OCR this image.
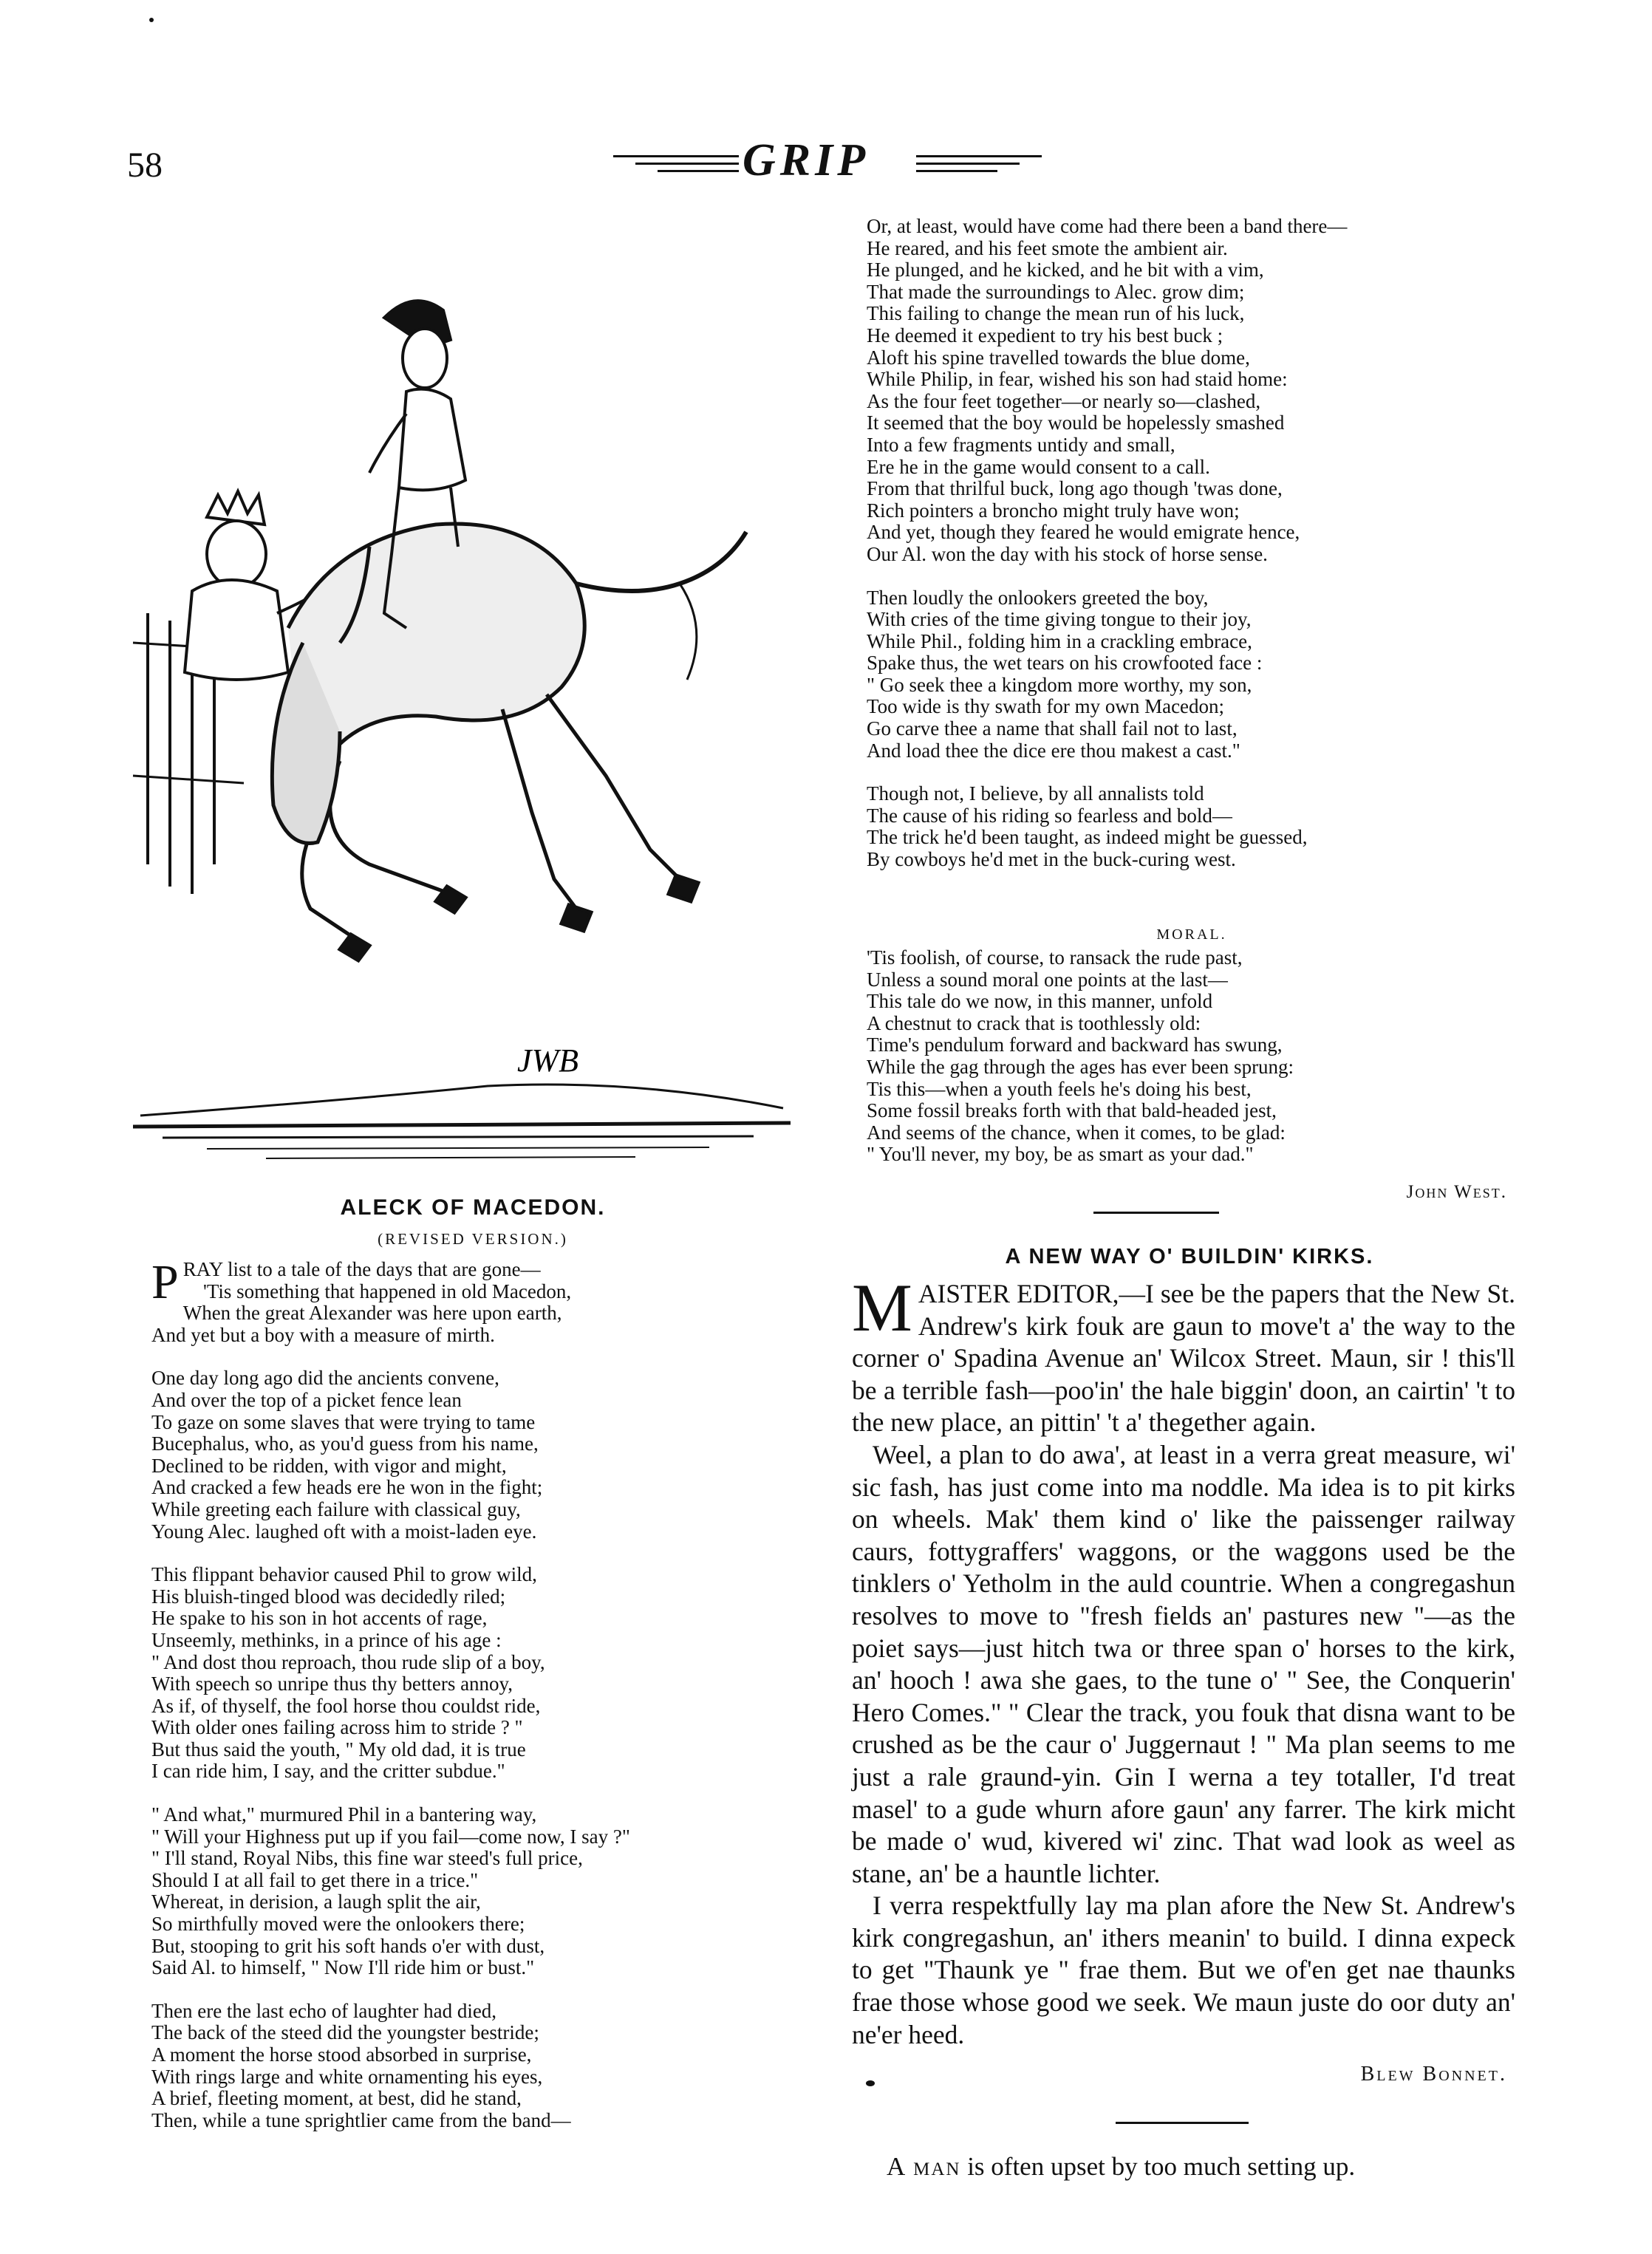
58	GRIP
JWB
ALECK OF MACEDON.
(REVISED VERSION.)
P RAY list to a tale of the days that are gone—
'Tis something that happened in old Macedon,
When the great Alexander was here upon earth,
And yet but a boy with a measure of mirth.
One day long ago did the ancients convene,
And over the top of a picket fence lean
To gaze on some slaves that were trying to tame
Bucephalus, who, as you'd guess from his name,
Declined to be ridden, with vigor and might,
And cracked a few heads ere he won in the fight;
While greeting each failure with classical guy,
Young Alec. laughed oft with a moist-laden eye.
This flippant behavior caused Phil to grow wild,
His bluish-tinged blood was decidedly riled;
He spake to his son in hot accents of rage,
Unseemly, methinks, in a prince of his age :
" And dost thou reproach, thou rude slip of a boy,
With speech so unripe thus thy betters annoy,
As if, of thyself, the fool horse thou couldst ride,
With older ones failing across him to stride ? "
But thus said the youth, " My old dad, it is true
I can ride him, I say, and the critter subdue."
" And what," murmured Phil in a bantering way,
" Will your Highness put up if you fail—come now, I say ?"
" I'll stand, Royal Nibs, this fine war steed's full price,
Should I at all fail to get there in a trice."
Whereat, in derision, a laugh split the air,
So mirthfully moved were the onlookers there;
But, stooping to grit his soft hands o'er with dust,
Said Al. to himself, " Now I'll ride him or bust."
Then ere the last echo of laughter had died,
The back of the steed did the youngster bestride;
A moment the horse stood absorbed in surprise,
With rings large and white ornamenting his eyes,
A brief, fleeting moment, at best, did he stand,
Then, while a tune sprightlier came from the band—
Or, at least, would have come had there been a band there—
He reared, and his feet smote the ambient air.
He plunged, and he kicked, and he bit with a vim,
That made the surroundings to Alec. grow dim;
This failing to change the mean run of his luck,
He deemed it expedient to try his best buck ;
Aloft his spine travelled towards the blue dome,
While Philip, in fear, wished his son had staid home:
As the four feet together—or nearly so—clashed,
It seemed that the boy would be hopelessly smashed
Into a few fragments untidy and small,
Ere he in the game would consent to a call.
From that thrilful buck, long ago though 'twas done,
Rich pointers a broncho might truly have won;
And yet, though they feared he would emigrate hence,
Our Al. won the day with his stock of horse sense.
Then loudly the onlookers greeted the boy,
With cries of the time giving tongue to their joy,
While Phil., folding him in a crackling embrace,
Spake thus, the wet tears on his crowfooted face :
" Go seek thee a kingdom more worthy, my son,
Too wide is thy swath for my own Macedon;
Go carve thee a name that shall fail not to last,
And load thee the dice ere thou makest a cast."
Though not, I believe, by all annalists told
The cause of his riding so fearless and bold—
The trick he'd been taught, as indeed might be guessed,
By cowboys he'd met in the buck-curing west.
MORAL.
'Tis foolish, of course, to ransack the rude past,
Unless a sound moral one points at the last—
This tale do we now, in this manner, unfold
A chestnut to crack that is toothlessly old:
Time's pendulum forward and backward has swung,
While the gag through the ages has ever been sprung:
Tis this—when a youth feels he's doing his best,
Some fossil breaks forth with that bald-headed jest,
And seems of the chance, when it comes, to be glad:
" You'll never, my boy, be as smart as your dad."
John West.
A NEW WAY O' BUILDIN' KIRKS.

MAISTER EDITOR,—I see be the papers that the New St. Andrew's kirk fouk are gaun to move't a' the way to the corner o' Spadina Avenue an' Wilcox Street. Maun, sir ! this'll be a terrible fash—poo'in' the hale biggin' doon, an cairtin' 't to the new place, an pittin' 't a' thegether again.

Weel, a plan to do awa', at least in a verra great measure, wi' sic fash, has just come into ma noddle. Ma idea is to pit kirks on wheels. Mak' them kind o' like the paissenger railway caurs, fottygraffers' waggons, or the waggons used be the tinklers o' Yetholm in the auld countrie. When a congregashun resolves to move to "fresh fields an' pastures new "—as the poiet says—just hitch twa or three span o' horses to the kirk, an' hooch ! awa she gaes, to the tune o' " See, the Conquerin' Hero Comes." " Clear the track, you fouk that disna want to be crushed as be the caur o' Juggernaut ! " Ma plan seems to me just a rale graund-yin. Gin I werna a tey totaller, I'd treat masel' to a gude whurn afore gaun' any farrer. The kirk micht be made o' wud, kivered wi' zinc. That wad look as weel as stane, an' be a hauntle lichter.

I verra respektfully lay ma plan afore the New St. Andrew's kirk congregashun, an' ithers meanin' to build. I dinna expeck to get "Thaunk ye " frae them. But we of'en get nae thaunks frae those whose good we seek. We maun juste do oor duty an' ne'er heed.

Blew Bonnet.
A man is often upset by too much setting up.
